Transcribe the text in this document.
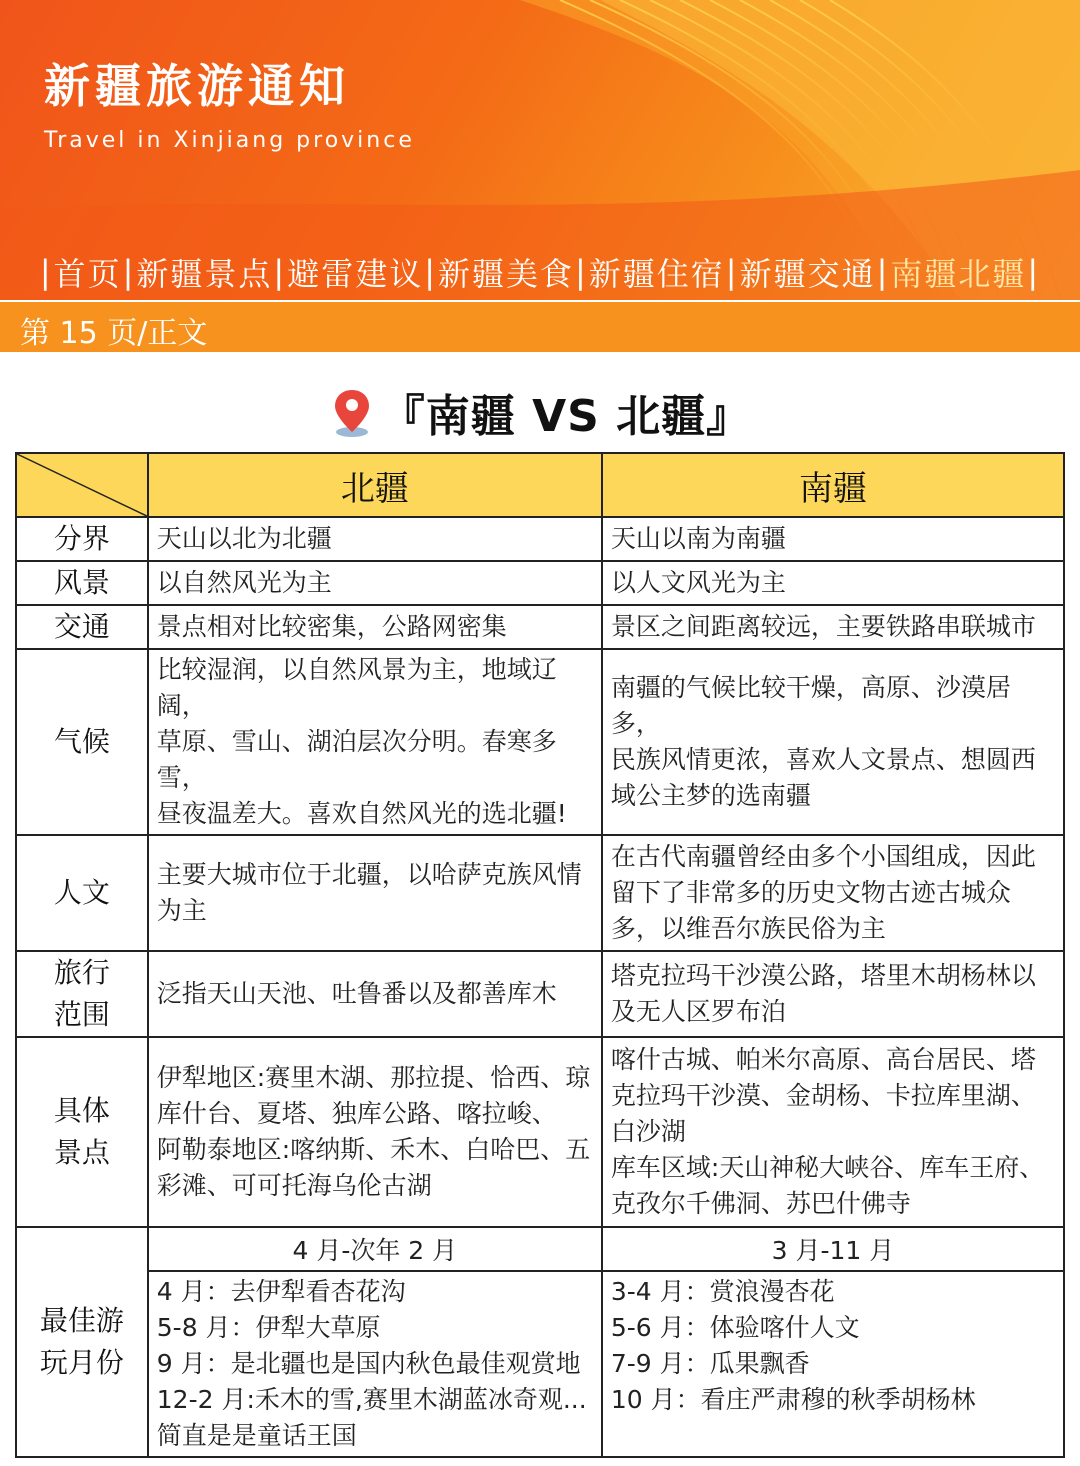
新疆旅游通知
Travel in Xinjiang province
| 首页 | 新疆景点 | 避雷建议 | 新疆美食 | 新疆住宿 | 新疆交通 | 南疆北疆 |
第 15 页/正文
『南疆 VS 北疆』
	北疆	南疆
分界	天山以北为北疆	天山以南为南疆

风景	以自然风光为主	以人文风光为主

交通	景点相对比较密集，公路网密集	景区之间距离较远，主要铁路串联城市

气候	比较湿润，以自然风景为主，地域辽阔，
草原、雪山、湖泊层次分明。春寒多雪，
昼夜温差大。喜欢自然风光的选北疆!	南疆的气候比较干燥，高原、沙漠居多，
民族风情更浓，喜欢人文景点、想圆西
域公主梦的选南疆

人文	主要大城市位于北疆，以哈萨克族风情
为主	在古代南疆曾经由多个小国组成，因此
留下了非常多的历史文物古迹古城众
多，以维吾尔族民俗为主

旅行
范围	泛指天山天池、吐鲁番以及都善库木	塔克拉玛干沙漠公路，塔里木胡杨林以
及无人区罗布泊

具体
景点	伊犁地区:赛里木湖、那拉提、恰西、琼
库什台、夏塔、独库公路、喀拉峻、
阿勒泰地区:喀纳斯、禾木、白哈巴、五
彩滩、可可托海乌伦古湖	喀什古城、帕米尔高原、高台居民、塔
克拉玛干沙漠、金胡杨、卡拉库里湖、
白沙湖
库车区域:天山神秘大峡谷、库车王府、
克孜尔千佛洞、苏巴什佛寺

最佳游
玩月份	4 月-次年 2 月	3 月-11 月

	4 月：去伊犁看杏花沟
5-8 月：伊犁大草原
9 月：是北疆也是国内秋色最佳观赏地
12-2 月:禾木的雪,赛里木湖蓝冰奇观...
简直是是童话王国	3-4 月：赏浪漫杏花
5-6 月：体验喀什人文
7-9 月：瓜果飘香
10 月：看庄严肃穆的秋季胡杨林
